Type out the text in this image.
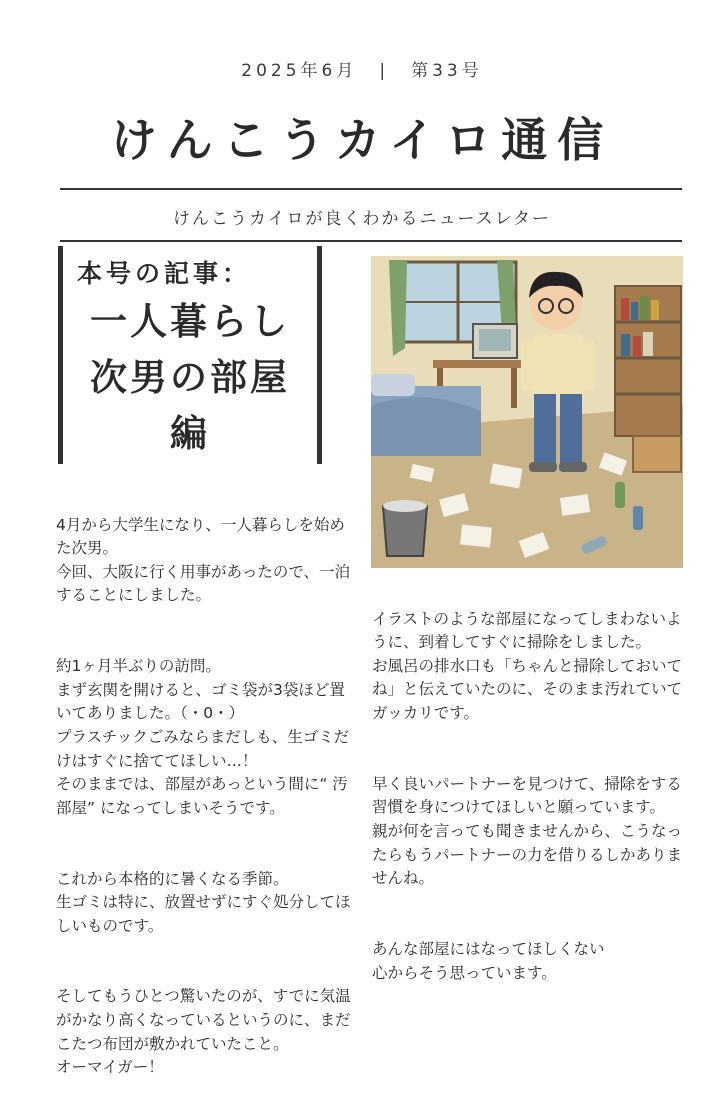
2025年6月 | 第33号
けんこうカイロ通信
けんこうカイロが良くわかるニュースレター
本号の記事：
一人暮らし
次男の部屋
編

4月から大学生になり、一人暮らしを始めた次男。
今回、大阪に行く用事があったので、一泊することにしました。

約1ヶ月半ぶりの訪問。
まず玄関を開けると、ゴミ袋が3袋ほど置いてありました。（・0・）
プラスチックごみならまだしも、生ゴミだけはすぐに捨ててほしい…！
そのままでは、部屋があっという間に“ 汚部屋” になってしまいそうです。

これから本格的に暑くなる季節。
生ゴミは特に、放置せずにすぐ処分してほしいものです。

そしてもうひとつ驚いたのが、すでに気温がかなり高くなっているというのに、まだこたつ布団が敷かれていたこと。
オーマイガー！

イラストのような部屋になってしまわないように、到着してすぐに掃除をしました。
お風呂の排水口も「ちゃんと掃除しておいてね」と伝えていたのに、そのまま汚れていてガッカリです。

早く良いパートナーを見つけて、掃除をする習慣を身につけてほしいと願っています。
親が何を言っても聞きませんから、こうなったらもうパートナーの力を借りるしかありませんね。

あんな部屋にはなってほしくない
心からそう思っています。
